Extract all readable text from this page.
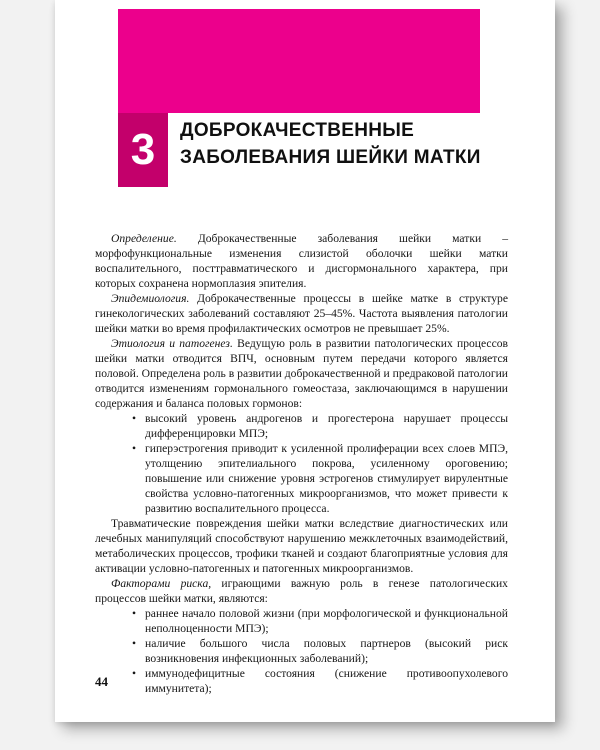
3 ДОБРОКАЧЕСТВЕННЫЕ
ЗАБОЛЕВАНИЯ ШЕЙКИ МАТКИ

Определение. Доброкачественные заболевания шейки матки – морфофункциональные изменения слизистой оболочки шейки матки воспалительного, посттравматического и дисгормонального характера, при которых сохранена нормоплазия эпителия.

Эпидемиология. Доброкачественные процессы в шейке матке в структуре гинекологических заболеваний составляют 25–45%. Частота выявления патологии шейки матки во время профилактических осмотров не превышает 25%.

Этиология и патогенез. Ведущую роль в развитии патологических процессов шейки матки отводится ВПЧ, основным путем передачи которого является половой. Определена роль в развитии доброкачественной и предраковой патологии отводится изменениям гормонального гомеостаза, заключающимся в нарушении содержания и баланса половых гормонов:

• высокий уровень андрогенов и прогестерона нарушает процессы дифференцировки МПЭ;
• гиперэстрогения приводит к усиленной пролиферации всех слоев МПЭ, утолщению эпителиального покрова, усиленному ороговению; повышение или снижение уровня эстрогенов стимулирует вирулентные свойства условно-патогенных микроорганизмов, что может привести к развитию воспалительного процесса.

Травматические повреждения шейки матки вследствие диагностических или лечебных манипуляций способствуют нарушению межклеточных взаимодействий, метаболических процессов, трофики тканей и создают благоприятные условия для активации условно-патогенных и патогенных микроорганизмов.

Факторами риска, играющими важную роль в генезе патологических процессов шейки матки, являются:

• раннее начало половой жизни (при морфологической и функциональной неполноценности МПЭ);
• наличие большого числа половых партнеров (высокий риск возникновения инфекционных заболеваний);
• иммунодефицитные состояния (снижение противоопухолевого иммунитета);
44
